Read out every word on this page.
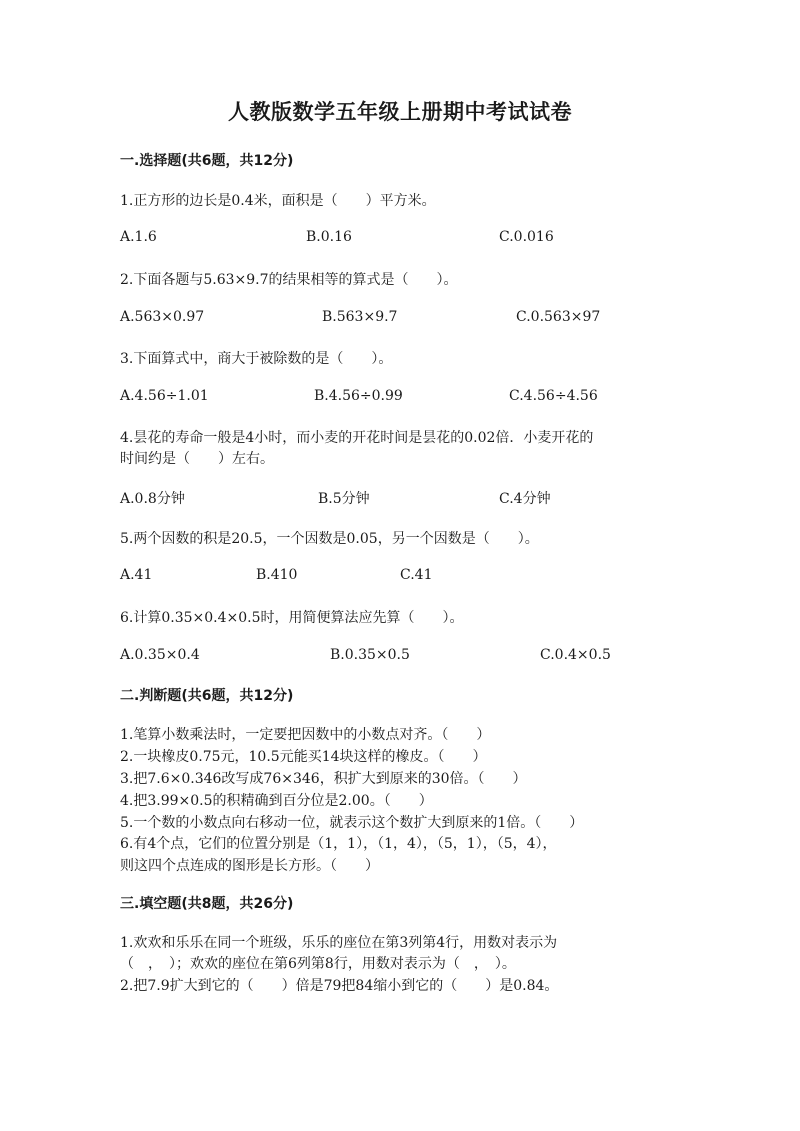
人教版数学五年级上册期中考试试卷
一.选择题(共6题，共12分)
1.正方形的边长是0.4米，面积是（　　）平方米。
A.1.6	B.0.16	C.0.016
2.下面各题与5.63×9.7的结果相等的算式是（　　）。
A.563×0.97	B.563×9.7	C.0.563×97
3.下面算式中，商大于被除数的是（　　）。
A.4.56÷1.01	B.4.56÷0.99	C.4.56÷4.56
4.昙花的寿命一般是4小时，而小麦的开花时间是昙花的0.02倍．小麦开花的
时间约是（　　）左右。
A.0.8分钟	B.5分钟	C.4分钟
5.两个因数的积是20.5，一个因数是0.05，另一个因数是（　　）。
A.41	B.410	C.41
6.计算0.35×0.4×0.5时，用简便算法应先算（　　）。
A.0.35×0.4	B.0.35×0.5	C.0.4×0.5
二.判断题(共6题，共12分)
1.笔算小数乘法时，一定要把因数中的小数点对齐。（　　）
2.一块橡皮0.75元，10.5元能买14块这样的橡皮。（　　）
3.把7.6×0.346改写成76×346，积扩大到原来的30倍。（　　）
4.把3.99×0.5的积精确到百分位是2.00。（　　）
5.一个数的小数点向右移动一位，就表示这个数扩大到原来的1倍。（　　）
6.有4个点，它们的位置分别是（1，1），（1，4），（5，1），（5，4），
则这四个点连成的图形是长方形。（　　）
三.填空题(共8题，共26分)
1.欢欢和乐乐在同一个班级，乐乐的座位在第3列第4行，用数对表示为
（　，　）；欢欢的座位在第6列第8行，用数对表示为（　，　）。
2.把7.9扩大到它的（　　）倍是79把84缩小到它的（　　）是0.84。
